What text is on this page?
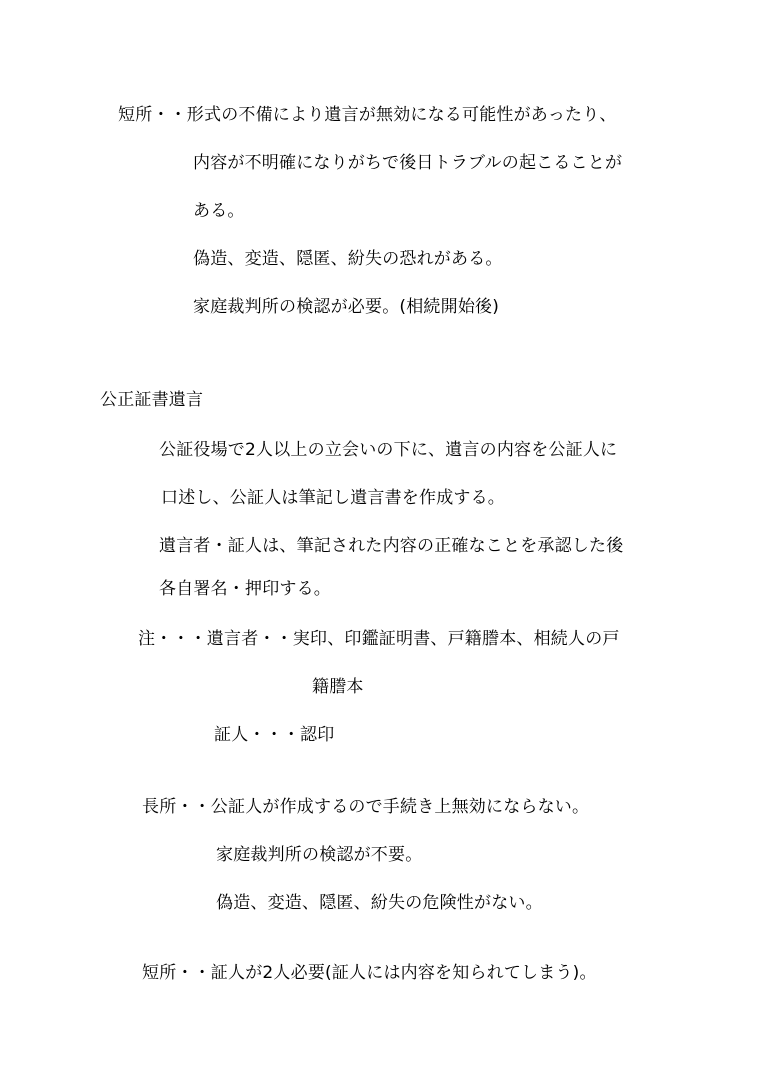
短所・・形式の不備により遺言が無効になる可能性があったり、
内容が不明確になりがちで後日トラブルの起こることが
ある。
偽造、変造、隠匿、紛失の恐れがある。
家庭裁判所の検認が必要。(相続開始後)
公正証書遺言
公証役場で2人以上の立会いの下に、遺言の内容を公証人に
口述し、公証人は筆記し遺言書を作成する。
遺言者・証人は、筆記された内容の正確なことを承認した後
各自署名・押印する。
注・・・遺言者・・実印、印鑑証明書、戸籍謄本、相続人の戸
籍謄本
証人・・・認印
長所・・公証人が作成するので手続き上無効にならない。
家庭裁判所の検認が不要。
偽造、変造、隠匿、紛失の危険性がない。
短所・・証人が2人必要(証人には内容を知られてしまう)。
